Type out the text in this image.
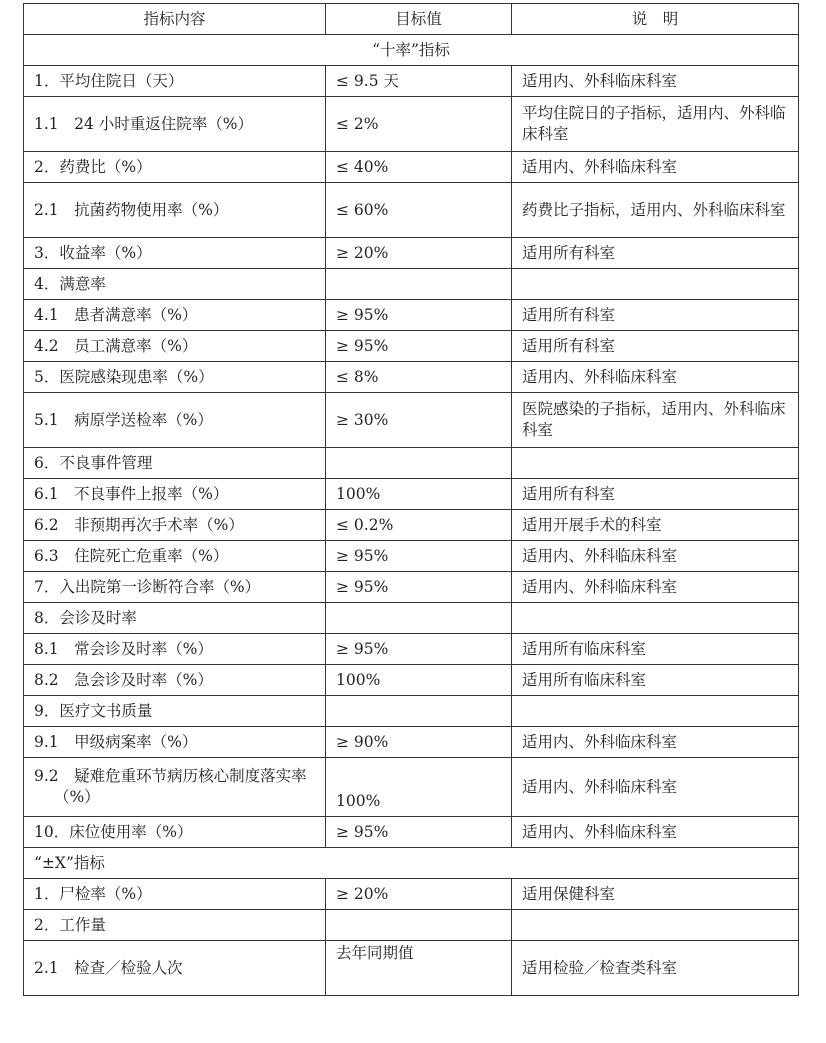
指标内容	目标值	说　明
“十率”指标		
1．平均住院日（天）	≤ 9.5 天	适用内、外科临床科室
1.1　24 小时重返住院率（%）	≤ 2%	平均住院日的子指标，适用内、外科临床科室
2．药费比（%）	≤ 40%	适用内、外科临床科室
2.1　抗菌药物使用率（%）	≤ 60%	药费比子指标，适用内、外科临床科室
3．收益率（%）	≥ 20%	适用所有科室
4．满意率		
4.1　患者满意率（%）	≥ 95%	适用所有科室
4.2　员工满意率（%）	≥ 95%	适用所有科室
5．医院感染现患率（%）	≤ 8%	适用内、外科临床科室
5.1　病原学送检率（%）	≥ 30%	医院感染的子指标，适用内、外科临床科室
6．不良事件管理		
6.1　不良事件上报率（%）	100%	适用所有科室
6.2　非预期再次手术率（%）	≤ 0.2%	适用开展手术的科室
6.3　住院死亡危重率（%）	≥ 95%	适用内、外科临床科室
7．入出院第一诊断符合率（%）	≥ 95%	适用内、外科临床科室
8．会诊及时率		
8.1　常会诊及时率（%）	≥ 95%	适用所有临床科室
8.2　急会诊及时率（%）	100%	适用所有临床科室
9．医疗文书质量		
9.1　甲级病案率（%）	≥ 90%	适用内、外科临床科室
9.2　疑难危重环节病历核心制度落实率（%）	100%	适用内、外科临床科室
10．床位使用率（%）	≥ 95%	适用内、外科临床科室
“±X”指标		
1．尸检率（%）	≥ 20%	适用保健科室
2．工作量		
2.1　检查／检验人次	去年同期值	适用检验／检查类科室
